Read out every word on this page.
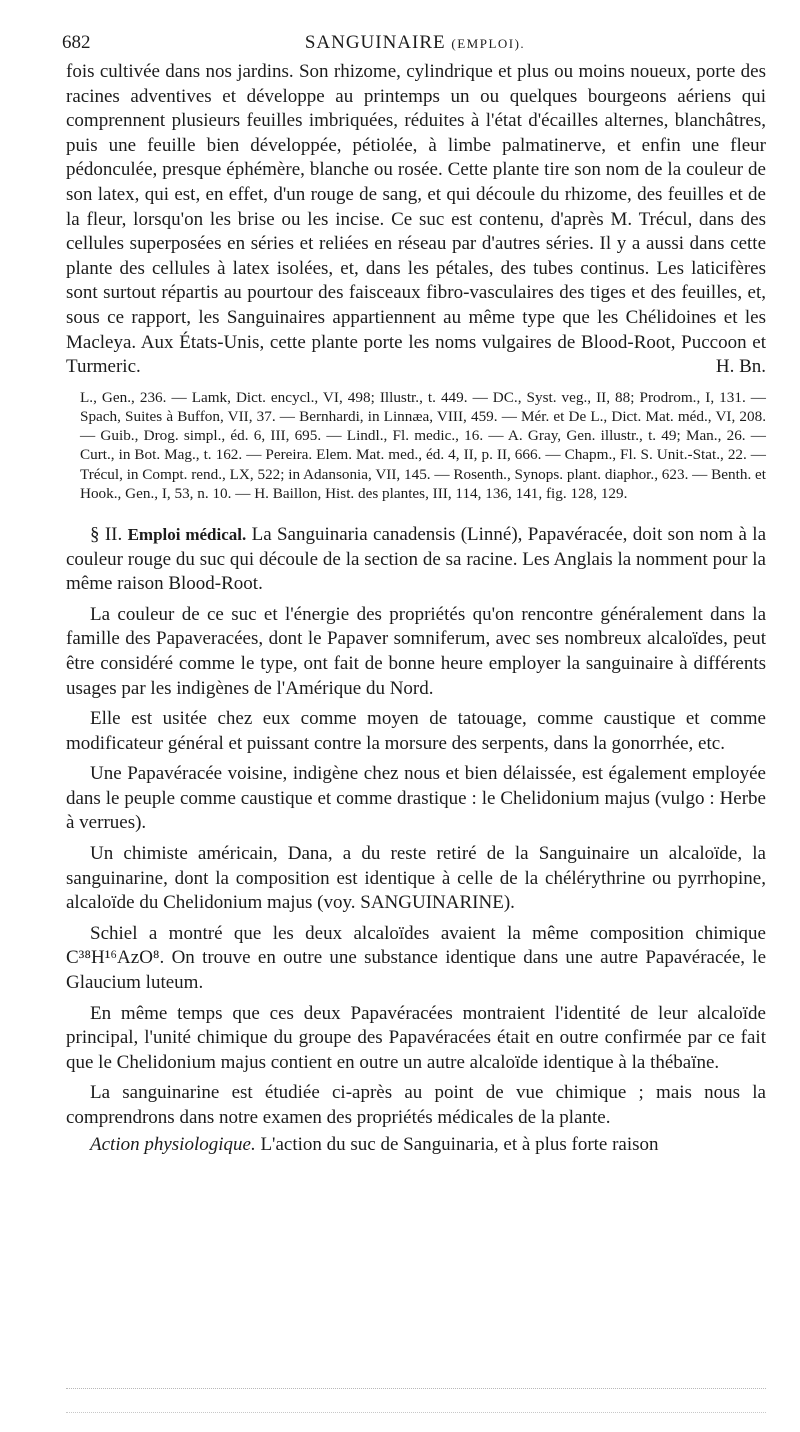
682	SANGUINAIRE (EMPLOI).

fois cultivée dans nos jardins. Son rhizome, cylindrique et plus ou moins noueux, porte des racines adventives et développe au printemps un ou quelques bourgeons aériens qui comprennent plusieurs feuilles imbriquées, réduites à l'état d'écailles alternes, blanchâtres, puis une feuille bien développée, pétiolée, à limbe palmatinerve, et enfin une fleur pédonculée, presque éphémère, blanche ou rosée. Cette plante tire son nom de la couleur de son latex, qui est, en effet, d'un rouge de sang, et qui découle du rhizome, des feuilles et de la fleur, lorsqu'on les brise ou les incise. Ce suc est contenu, d'après M. Trécul, dans des cellules superposées en séries et reliées en réseau par d'autres séries. Il y a aussi dans cette plante des cellules à latex isolées, et, dans les pétales, des tubes continus. Les laticifères sont surtout répartis au pourtour des faisceaux fibro-vasculaires des tiges et des feuilles, et, sous ce rapport, les Sanguinaires appartiennent au même type que les Chélidoines et les Macleya. Aux États-Unis, cette plante porte les noms vulgaires de Blood-Root, Puccoon et Turmeric.	H. Bn.

L., Gen., 236. — Lamk, Dict. encycl., VI, 498; Illustr., t. 449. — DC., Syst. veg., II, 88; Prodrom., I, 131. — Spach, Suites à Buffon, VII, 37. — Bernhardi, in Linnæa, VIII, 459. — Mér. et De L., Dict. Mat. méd., VI, 208. — Guib., Drog. simpl., éd. 6, III, 695. — Lindl., Fl. medic., 16. — A. Gray, Gen. illustr., t. 49; Man., 26. — Curt., in Bot. Mag., t. 162. — Pereira. Elem. Mat. med., éd. 4, II, p. II, 666. — Chapm., Fl. S. Unit.-Stat., 22. — Trécul, in Compt. rend., LX, 522; in Adansonia, VII, 145. — Rosenth., Synops. plant. diaphor., 623. — Benth. et Hook., Gen., I, 53, n. 10. — H. Baillon, Hist. des plantes, III, 114, 136, 141, fig. 128, 129.

§ II. Emploi médical. La Sanguinaria canadensis (Linné), Papavéracée, doit son nom à la couleur rouge du suc qui découle de la section de sa racine. Les Anglais la nomment pour la même raison Blood-Root.

La couleur de ce suc et l'énergie des propriétés qu'on rencontre généralement dans la famille des Papaveracées, dont le Papaver somniferum, avec ses nombreux alcaloïdes, peut être considéré comme le type, ont fait de bonne heure employer la sanguinaire à différents usages par les indigènes de l'Amérique du Nord.

Elle est usitée chez eux comme moyen de tatouage, comme caustique et comme modificateur général et puissant contre la morsure des serpents, dans la gonorrhée, etc.

Une Papavéracée voisine, indigène chez nous et bien délaissée, est également employée dans le peuple comme caustique et comme drastique : le Chelidonium majus (vulgo : Herbe à verrues).

Un chimiste américain, Dana, a du reste retiré de la Sanguinaire un alcaloïde, la sanguinarine, dont la composition est identique à celle de la chélérythrine ou pyrrhopine, alcaloïde du Chelidonium majus (voy. SANGUINARINE).

Schiel a montré que les deux alcaloïdes avaient la même composition chimique C³⁸H¹⁶AzO⁸. On trouve en outre une substance identique dans une autre Papavéracée, le Glaucium luteum.

En même temps que ces deux Papavéracées montraient l'identité de leur alcaloïde principal, l'unité chimique du groupe des Papavéracées était en outre confirmée par ce fait que le Chelidonium majus contient en outre un autre alcaloïde identique à la thébaïne.

La sanguinarine est étudiée ci-après au point de vue chimique ; mais nous la comprendrons dans notre examen des propriétés médicales de la plante.

Action physiologique. L'action du suc de Sanguinaria, et à plus forte raison
